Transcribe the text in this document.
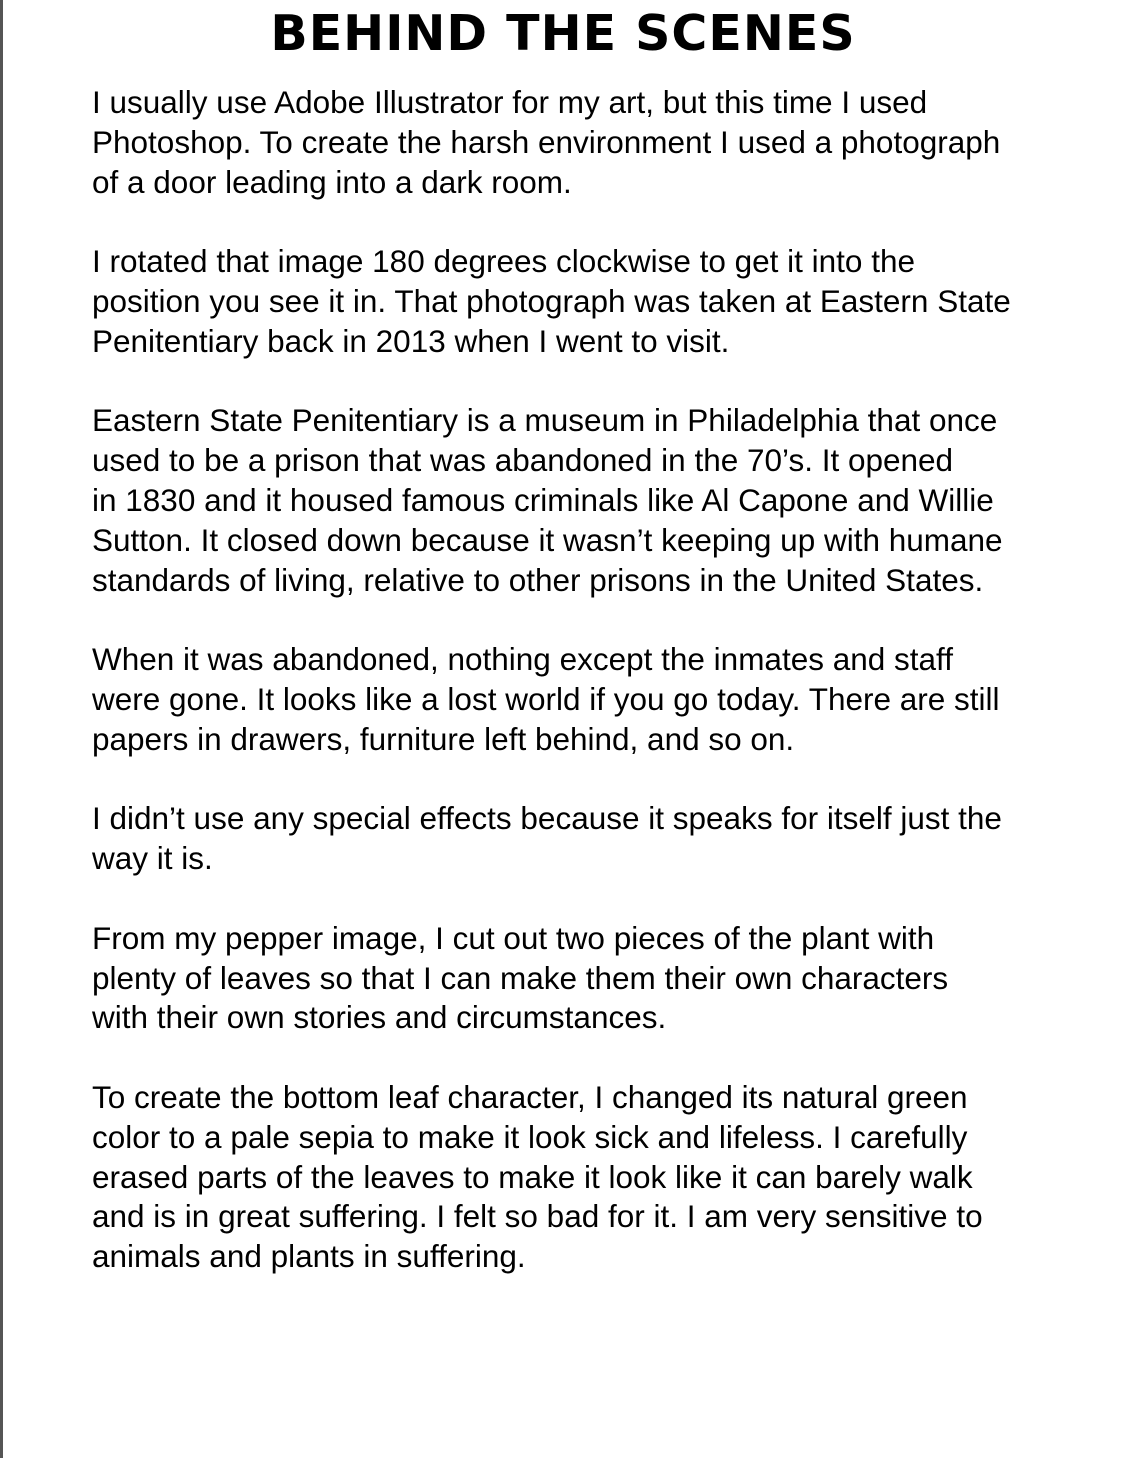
BEHIND THE SCENES

I usually use Adobe Illustrator for my art, but this time I used
Photoshop. To create the harsh environment I used a photograph
of a door leading into a dark room.

I rotated that image 180 degrees clockwise to get it into the
position you see it in. That photograph was taken at Eastern State
Penitentiary back in 2013 when I went to visit.

Eastern State Penitentiary is a museum in Philadelphia that once
used to be a prison that was abandoned in the 70’s. It opened
in 1830 and it housed famous criminals like Al Capone and Willie
Sutton. It closed down because it wasn’t keeping up with humane
standards of living, relative to other prisons in the United States.

When it was abandoned, nothing except the inmates and staff
were gone. It looks like a lost world if you go today. There are still
papers in drawers, furniture left behind, and so on.

I didn’t use any special effects because it speaks for itself just the
way it is.

From my pepper image, I cut out two pieces of the plant with
plenty of leaves so that I can make them their own characters
with their own stories and circumstances.

To create the bottom leaf character, I changed its natural green
color to a pale sepia to make it look sick and lifeless. I carefully
erased parts of the leaves to make it look like it can barely walk
and is in great suffering. I felt so bad for it. I am very sensitive to
animals and plants in suffering.
